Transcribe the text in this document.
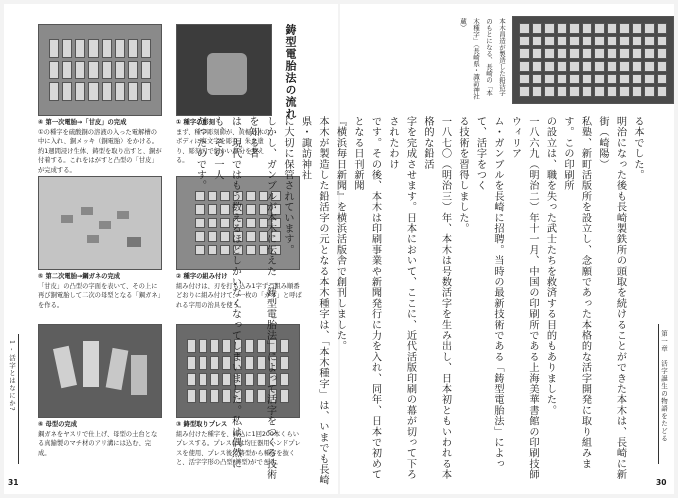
鋳型電胎法の流れ
④ 第一次電胎→「甘皮」の完成
①の種字を硫酸銅の溶液の入った電解槽の中に入れ、銅メッキ（銅電胎）をかける。約1週間浸け生体、鋳型を取り出すと、銅が付着する。これをはがすと凸型の「甘皮」が完成する。
① 種字の彫刻
まず、種字彫刻師が、黄楊の木のボディに裏文字を彫り、朱を塗り、彫刻刀で細かい部分を整える。
⑤ 第二次電胎→鋼ガネの完成
「甘皮」の凸型の字面を表いて、その上に再び銅電胎して二次の母型となる「鋼ガネ」を作る。
② 種字の組み付け
組み付けは、刃を打ち込み1字ずつ組み順番どおりに組み付けて、一枚の「ガネ」と呼ばれる字用の治具を使う。
⑥ 母型の完成
鋼ガネをヤスリで仕上げ、母型の土台となる真鍮製のマチ材のアリ溝には込む、完成。
③ 鋳型取りプレス
組み付けた種字を、鋳込に1回200本くらいプレスする。プレスには均圧器用ハンドプレスを使用、プレス後に鋳型から種字を抜くと、活字字形の凸型(鋳型)ができる。
1 - 活字とはなにか?
31
本木昌造が製造した鉛活字のもとになる、長崎の「本木種字」（長崎県・諏訪神社蔵）
る本でした。
明治になった後も長崎製鉄所の頭取を続けることができた本木は、長崎に新街（崎陽）
私塾、新町活版所を設立し、念願であった本格的な活字開発に取り組みます。この印刷所
の設立は、職を失った武士たちを救済する目的もありました。
一八六九（明治二）年十一月、中国の印刷所である上海美華書館の印刷技師ウィリア
ム・ガンブルを長崎に招聘。当時の最新技術である「鋳型電胎法」によって、活字をつく
る技術を習得しました。
一八七〇（明治三）年、本木は号数活字を生み出し、日本初ともいわれる本格的な鉛活
字を完成させます。日本において、ここに、近代活版印刷の幕が切って下ろされたわけ
です。その後、本木は印刷事業や新聞発行に力を入れ、同年、日本で初めてとなる日刊新聞
『横浜毎日新聞』を横浜活版舎で創刊しました。
本木が製造した鉛活字の元となる本木種字は、「本木種字」は、いまでも長崎県・諏訪神社
に大切に保管されています。
しかし、ガンブルが本木に伝えた「鋳型電胎法」によって活字をつくる技術を知る者
は、現代ではもう数えるほどしかいなくなってしまいました。私は偶然にも、その一人
だったのです。
第一章　活字誕生の物語をたどる
30
